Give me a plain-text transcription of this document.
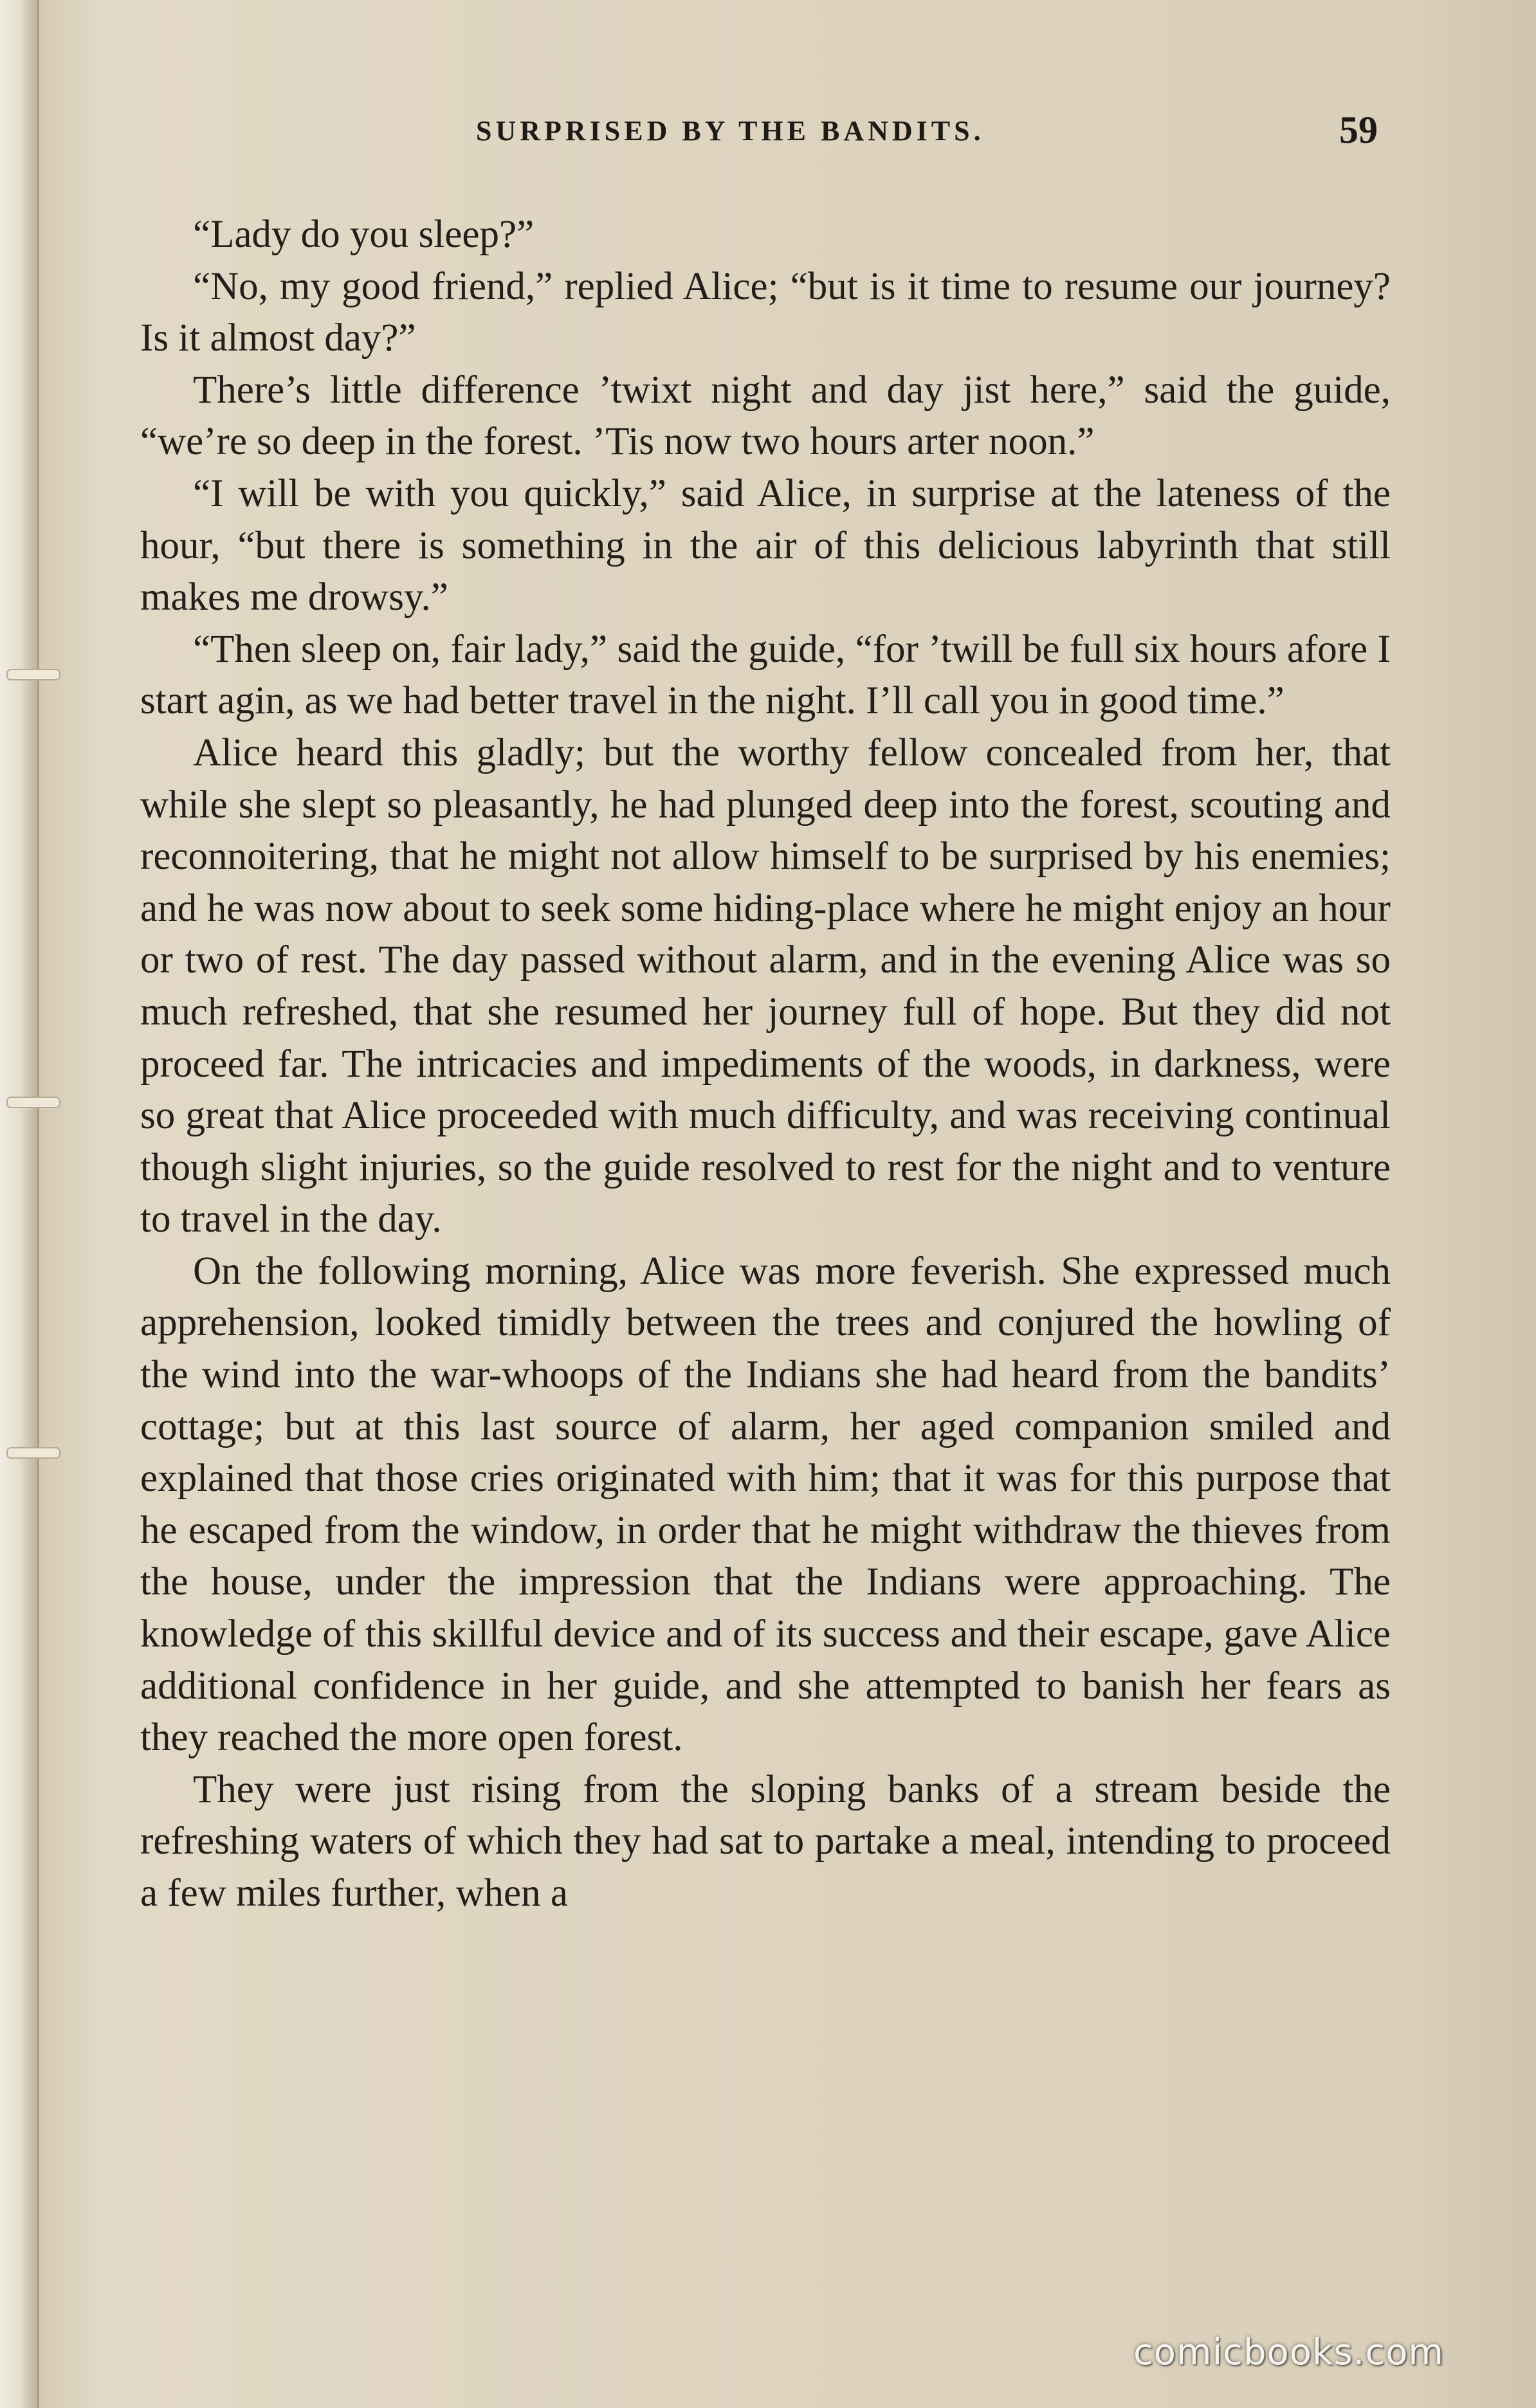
SURPRISED BY THE BANDITS.	59

“Lady do you sleep?”

“No, my good friend,” replied Alice; “but is it time to resume our journey? Is it almost day?”

There’s little difference ’twixt night and day jist here,” said the guide, “we’re so deep in the forest. ’Tis now two hours arter noon.”

“I will be with you quickly,” said Alice, in surprise at the lateness of the hour, “but there is something in the air of this delicious labyrinth that still makes me drowsy.”

“Then sleep on, fair lady,” said the guide, “for ’twill be full six hours afore I start agin, as we had better travel in the night. I’ll call you in good time.”

Alice heard this gladly; but the worthy fellow concealed from her, that while she slept so pleasantly, he had plunged deep into the forest, scouting and reconnoitering, that he might not allow himself to be surprised by his enemies; and he was now about to seek some hiding-place where he might enjoy an hour or two of rest. The day passed without alarm, and in the evening Alice was so much refreshed, that she resumed her journey full of hope. But they did not proceed far. The intricacies and impediments of the woods, in darkness, were so great that Alice proceeded with much difficulty, and was receiving continual though slight injuries, so the guide resolved to rest for the night and to venture to travel in the day.

On the following morning, Alice was more feverish. She expressed much apprehension, looked timidly between the trees and conjured the howling of the wind into the war-whoops of the Indians she had heard from the bandits’ cottage; but at this last source of alarm, her aged companion smiled and explained that those cries originated with him; that it was for this purpose that he escaped from the window, in order that he might withdraw the thieves from the house, under the impression that the Indians were approaching. The knowledge of this skillful device and of its success and their escape, gave Alice additional confidence in her guide, and she attempted to banish her fears as they reached the more open forest.

They were just rising from the sloping banks of a stream beside the refreshing waters of which they had sat to partake a meal, intending to proceed a few miles further, when a

comicbooks.com
